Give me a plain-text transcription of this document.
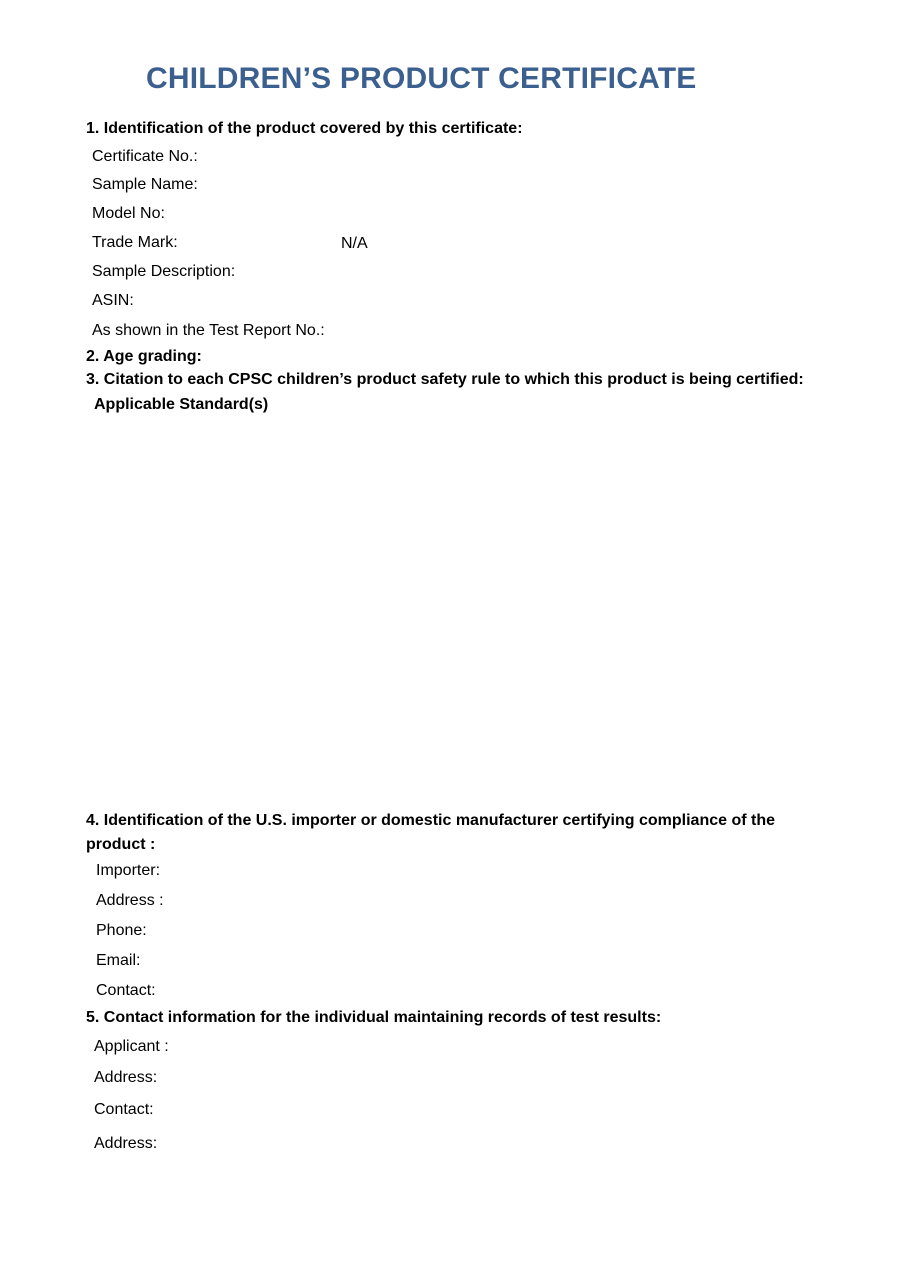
CHILDREN’S PRODUCT CERTIFICATE
1. Identification of the product covered by this certificate:
Certificate No.:
Sample Name:
Model No:
Trade Mark:	N/A
Sample Description:
ASIN:
As shown in the Test Report No.:
2. Age grading:
3. Citation to each CPSC children’s product safety rule to which this product is being certified:
Applicable Standard(s)
4. Identification of the U.S. importer or domestic manufacturer certifying compliance of the product :
Importer:
Address :
Phone:
Email:
Contact:
5. Contact information for the individual maintaining records of test results:
Applicant :
Address:
Contact:
Address:
